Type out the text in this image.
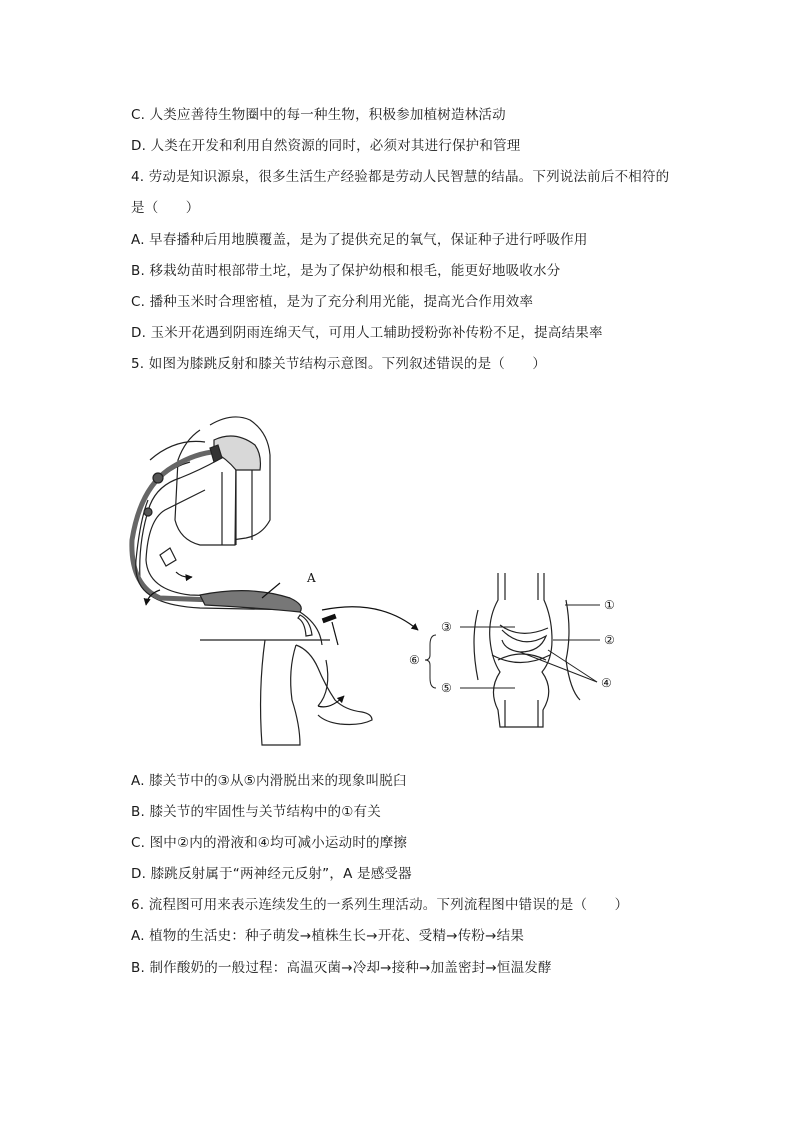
C. 人类应善待生物圈中的每一种生物，积极参加植树造林活动
D. 人类在开发和利用自然资源的同时，必须对其进行保护和管理
4. 劳动是知识源泉，很多生活生产经验都是劳动人民智慧的结晶。下列说法前后不相符的
是（　　）
A. 早春播种后用地膜覆盖，是为了提供充足的氧气，保证种子进行呼吸作用
B. 移栽幼苗时根部带土坨，是为了保护幼根和根毛，能更好地吸收水分
C. 播种玉米时合理密植，是为了充分利用光能，提高光合作用效率
D. 玉米开花遇到阴雨连绵天气，可用人工辅助授粉弥补传粉不足，提高结果率
5. 如图为膝跳反射和膝关节结构示意图。下列叙述错误的是（　　）
A. 膝关节中的③从⑤内滑脱出来的现象叫脱臼
B. 膝关节的牢固性与关节结构中的①有关
C. 图中②内的滑液和④均可减小运动时的摩擦
D. 膝跳反射属于“两神经元反射”，A 是感受器
6. 流程图可用来表示连续发生的一系列生理活动。下列流程图中错误的是（　　）
A. 植物的生活史：种子萌发→植株生长→开花、受精→传粉→结果
B. 制作酸奶的一般过程：高温灭菌→冷却→接种→加盖密封→恒温发酵
A
①
②
③
④
⑤
⑥
